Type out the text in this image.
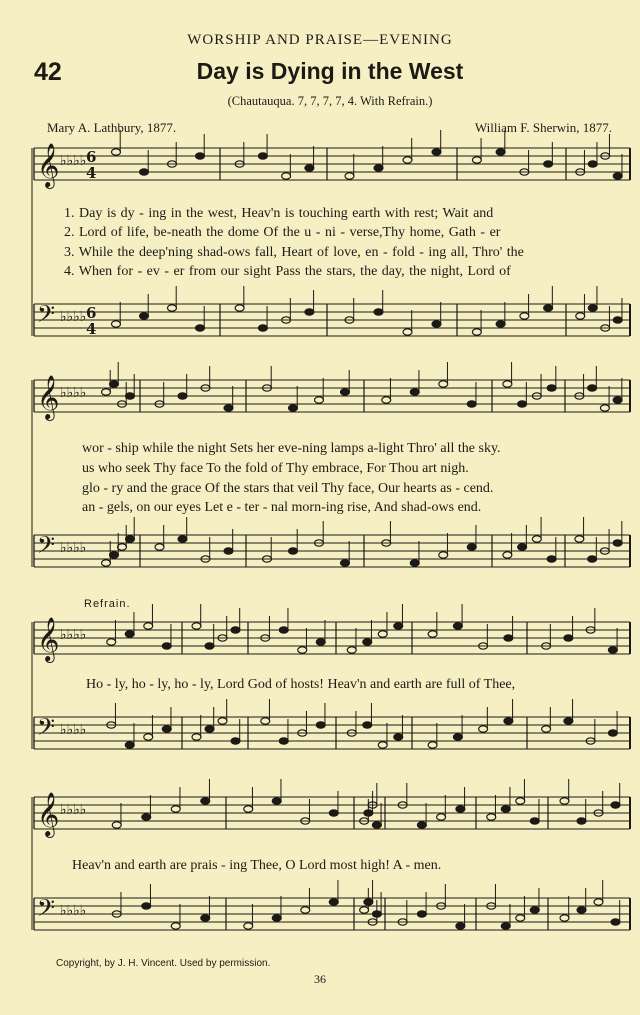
WORSHIP AND PRAISE—EVENING
42	Day is Dying in the West
(Chautauqua. 7, 7, 7, 7, 4. With Refrain.)
Mary A. Lathbury, 1877.	William F. Sherwin, 1877.
𝄞 ♭♭♭♭
𝄢 ♭♭♭♭
𝄞 ♭♭♭♭
𝄢 ♭♭♭♭
𝄞 ♭♭♭♭
𝄢 ♭♭♭♭
𝄞 ♭♭♭♭
𝄢 ♭♭♭♭
6
4
6
4
1. Day is dy - ing in the west, Heav'n is touching earth with rest; Wait and
2. Lord of life, be-neath the dome Of the u - ni - verse,Thy home, Gath - er
3. While the deep'ning shad-ows fall, Heart of love, en - fold - ing all, Thro' the
4. When for - ev - er from our sight Pass the stars, the day, the night, Lord of
wor - ship while the night Sets her eve-ning lamps a-light Thro' all the sky.
us who seek Thy face To the fold of Thy embrace, For Thou art nigh.
glo - ry and the grace Of the stars that veil Thy face, Our hearts as - cend.
an - gels, on our eyes Let e - ter - nal morn-ing rise, And shad-ows end.
Refrain.
Ho - ly, ho - ly, ho - ly, Lord God of hosts! Heav'n and earth are full of Thee,
Heav'n and earth are prais - ing Thee, O Lord most high! A - men.
Copyright, by J. H. Vincent. Used by permission.
36
